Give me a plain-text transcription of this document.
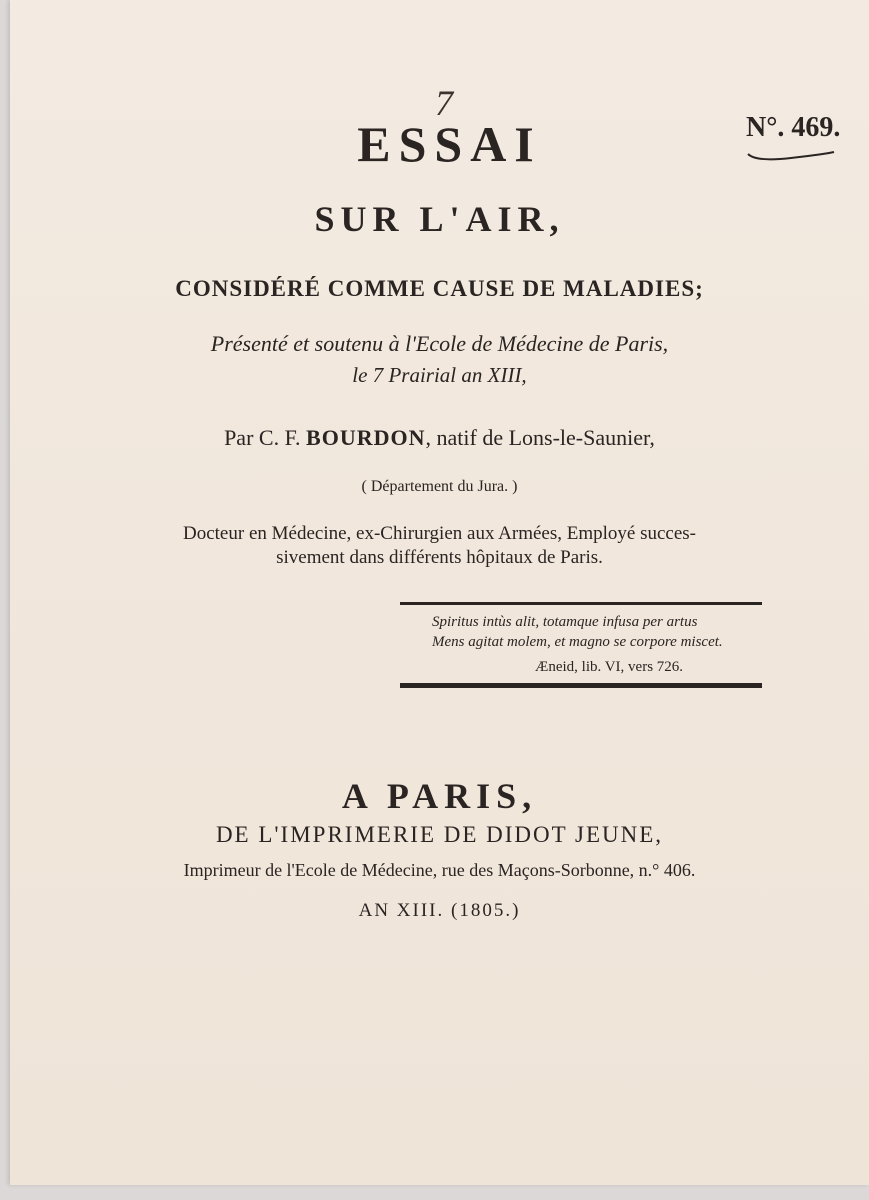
7
N°. 469.
ESSAI
SUR L'AIR,
CONSIDÉRÉ COMME CAUSE DE MALADIES;
Présenté et soutenu à l'Ecole de Médecine de Paris,
le 7 Prairial an XIII,
Par C. F. BOURDON, natif de Lons-le-Saunier,
( Département du Jura. )
Docteur en Médecine, ex-Chirurgien aux Armées, Employé succes-
sivement dans différents hôpitaux de Paris.
Spiritus intùs alit, totamque infusa per artus
Mens agitat molem, et magno se corpore miscet.
Æneid, lib. VI, vers 726.
A PARIS,
DE L'IMPRIMERIE DE DIDOT JEUNE,
Imprimeur de l'Ecole de Médecine, rue des Maçons-Sorbonne, n.° 406.
AN XIII. (1805.)
